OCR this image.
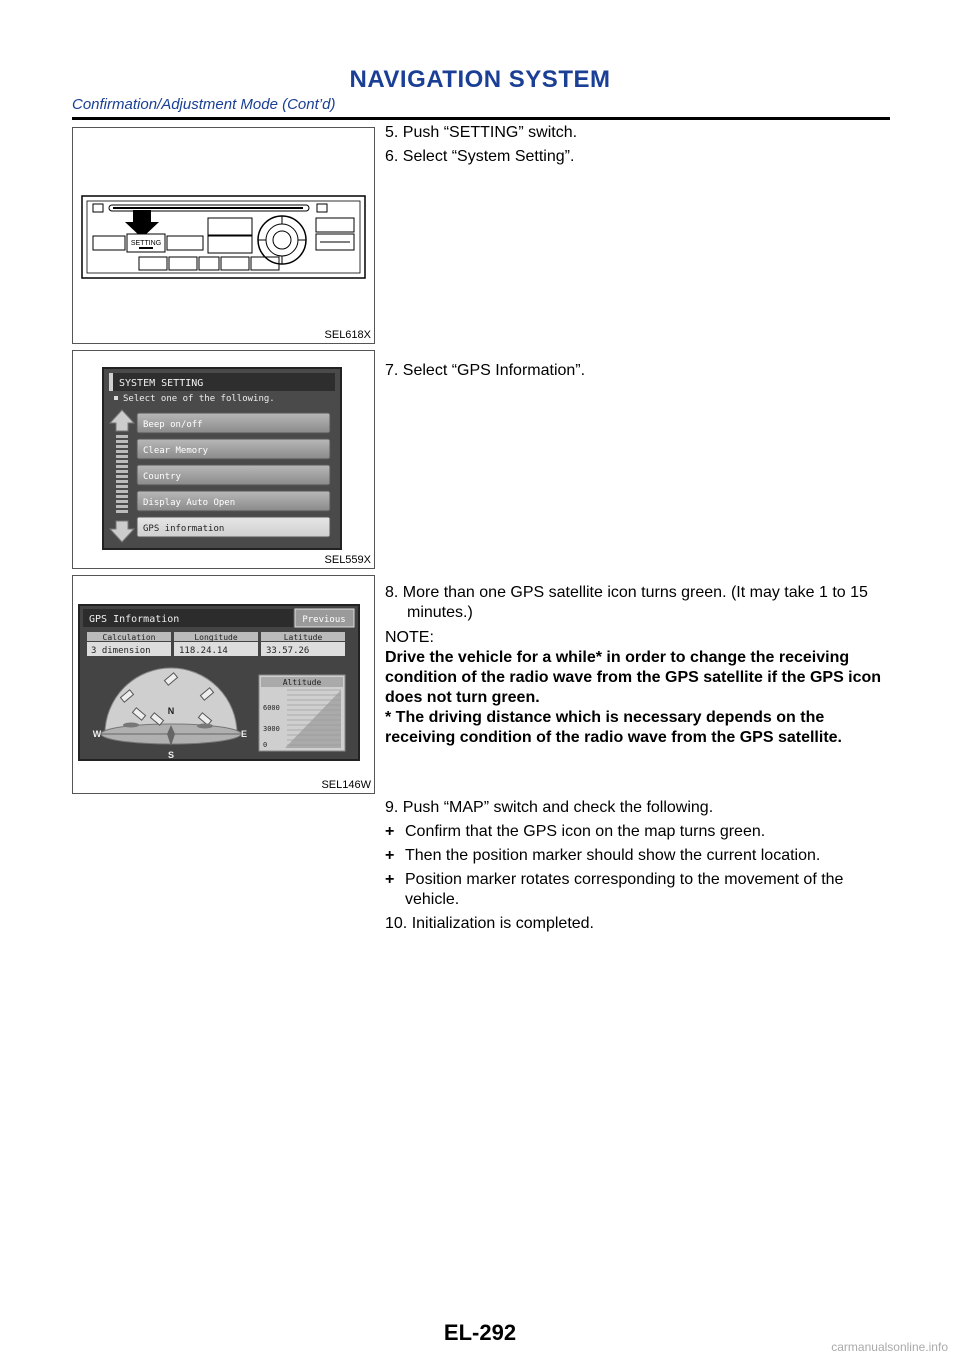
NAVIGATION SYSTEM
Confirmation/Adjustment Mode (Cont’d)
SETTING
SEL618X
SYSTEM SETTING
Select one of the following.
Beep on/off
Clear Memory
Country
Display Auto Open
GPS information
SEL559X
GPS Information	Previous
Calculation
3 dimension
Longitude
118.24.14
Latitude
33.57.26
N
S
W	E
Altitude
6000
3000
0
SEL146W

5. Push “SETTING” switch.

6. Select “System Setting”.

7. Select “GPS Information”.

8. More than one GPS satellite icon turns green. (It may take 1 to 15 minutes.)

NOTE:

Drive the vehicle for a while* in order to change the receiving condition of the radio wave from the GPS satellite if the GPS icon does not turn green.

* The driving distance which is necessary depends on the receiving condition of the radio wave from the GPS satellite.

9. Push “MAP” switch and check the following.

+ Confirm that the GPS icon on the map turns green.
+ Then the position marker should show the current location.
+ Position marker rotates corresponding to the movement of the vehicle.

10. Initialization is completed.

EL-292
carmanualsonline.info
